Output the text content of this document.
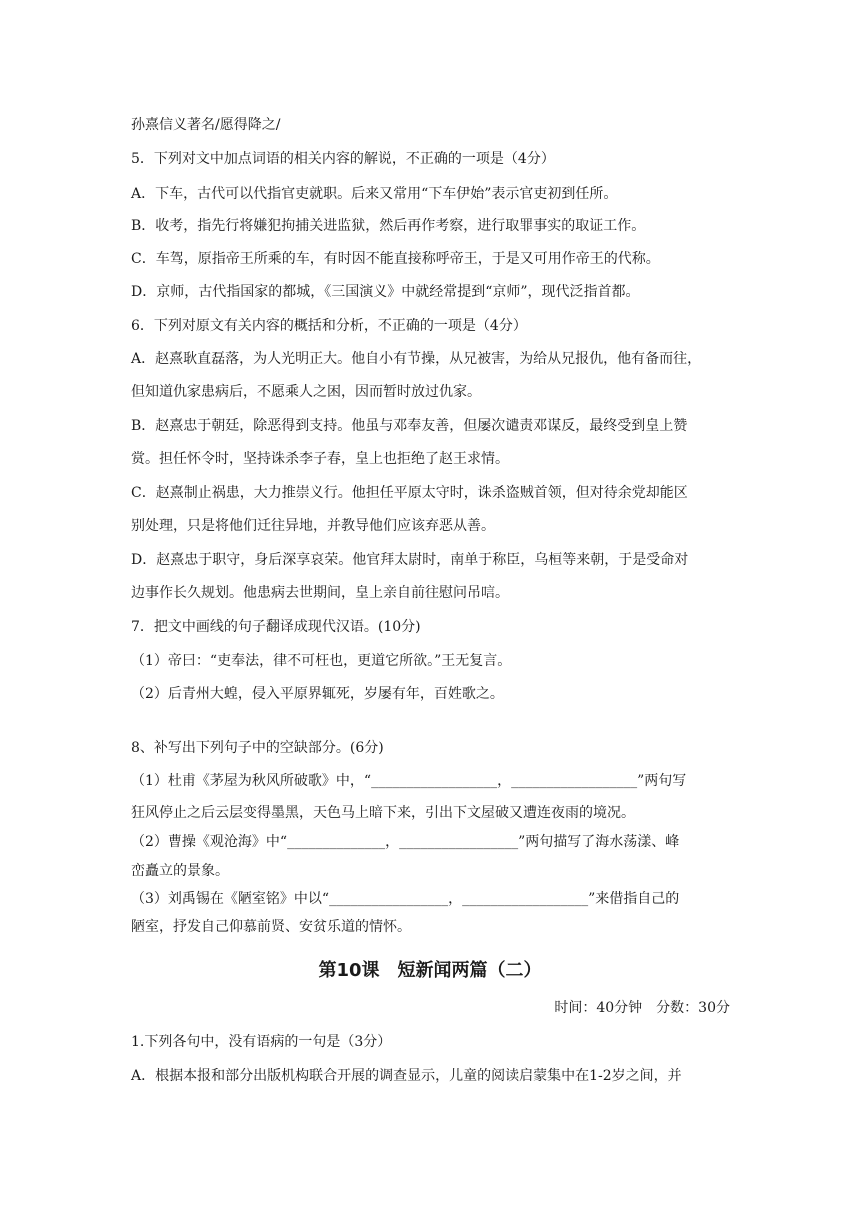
孙熹信义著名/愿得降之/
5．下列对文中加点词语的相关内容的解说，不正确的一项是（4分）
A．下车，古代可以代指官吏就职。后来又常用“下车伊始”表示官吏初到任所。
B．收考，指先行将嫌犯拘捕关进监狱，然后再作考察，进行取罪事实的取证工作。
C．车驾，原指帝王所乘的车，有时因不能直接称呼帝王，于是又可用作帝王的代称。
D．京师，古代指国家的都城，《三国演义》中就经常提到“京师”，现代泛指首都。
6．下列对原文有关内容的概括和分析，不正确的一项是（4分）
A．赵熹耿直磊落，为人光明正大。他自小有节操，从兄被害，为给从兄报仇，他有备而往，
但知道仇家患病后，不愿乘人之困，因而暂时放过仇家。
B．赵熹忠于朝廷，除恶得到支持。他虽与邓奉友善，但屡次谴责邓谋反，最终受到皇上赞
赏。担任怀令时，坚持诛杀李子春，皇上也拒绝了赵王求情。
C．赵熹制止祸患，大力推崇义行。他担任平原太守时，诛杀盗贼首领，但对待余党却能区
别处理，只是将他们迁往异地，并教导他们应该弃恶从善。
D．赵熹忠于职守，身后深享哀荣。他官拜太尉时，南单于称臣，乌桓等来朝，于是受命对
边事作长久规划。他患病去世期间，皇上亲自前往慰问吊唁。
7．把文中画线的句子翻译成现代汉语。(10分)
（1）帝曰：“吏奉法，律不可枉也，更道它所欲。”王无复言。
（2）后青州大蝗，侵入平原界辄死，岁屡有年，百姓歌之。
8、补写出下列句子中的空缺部分。(6分)
（1）杜甫《茅屋为秋风所破歌》中，“__________________，__________________”两句写
狂风停止之后云层变得墨黑，天色马上暗下来，引出下文屋破又遭连夜雨的境况。
（2）曹操《观沧海》中“______________，_________________”两句描写了海水荡漾、峰
峦矗立的景象。
（3）刘禹锡在《陋室铭》中以“_________________，__________________”来借指自己的
陋室，抒发自己仰慕前贤、安贫乐道的情怀。
第10课　短新闻两篇（二）
时间：40分钟　分数：30分
1.下列各句中，没有语病的一句是（3分）
A．根据本报和部分出版机构联合开展的调查显示，儿童的阅读启蒙集中在1-2岁之间，并
